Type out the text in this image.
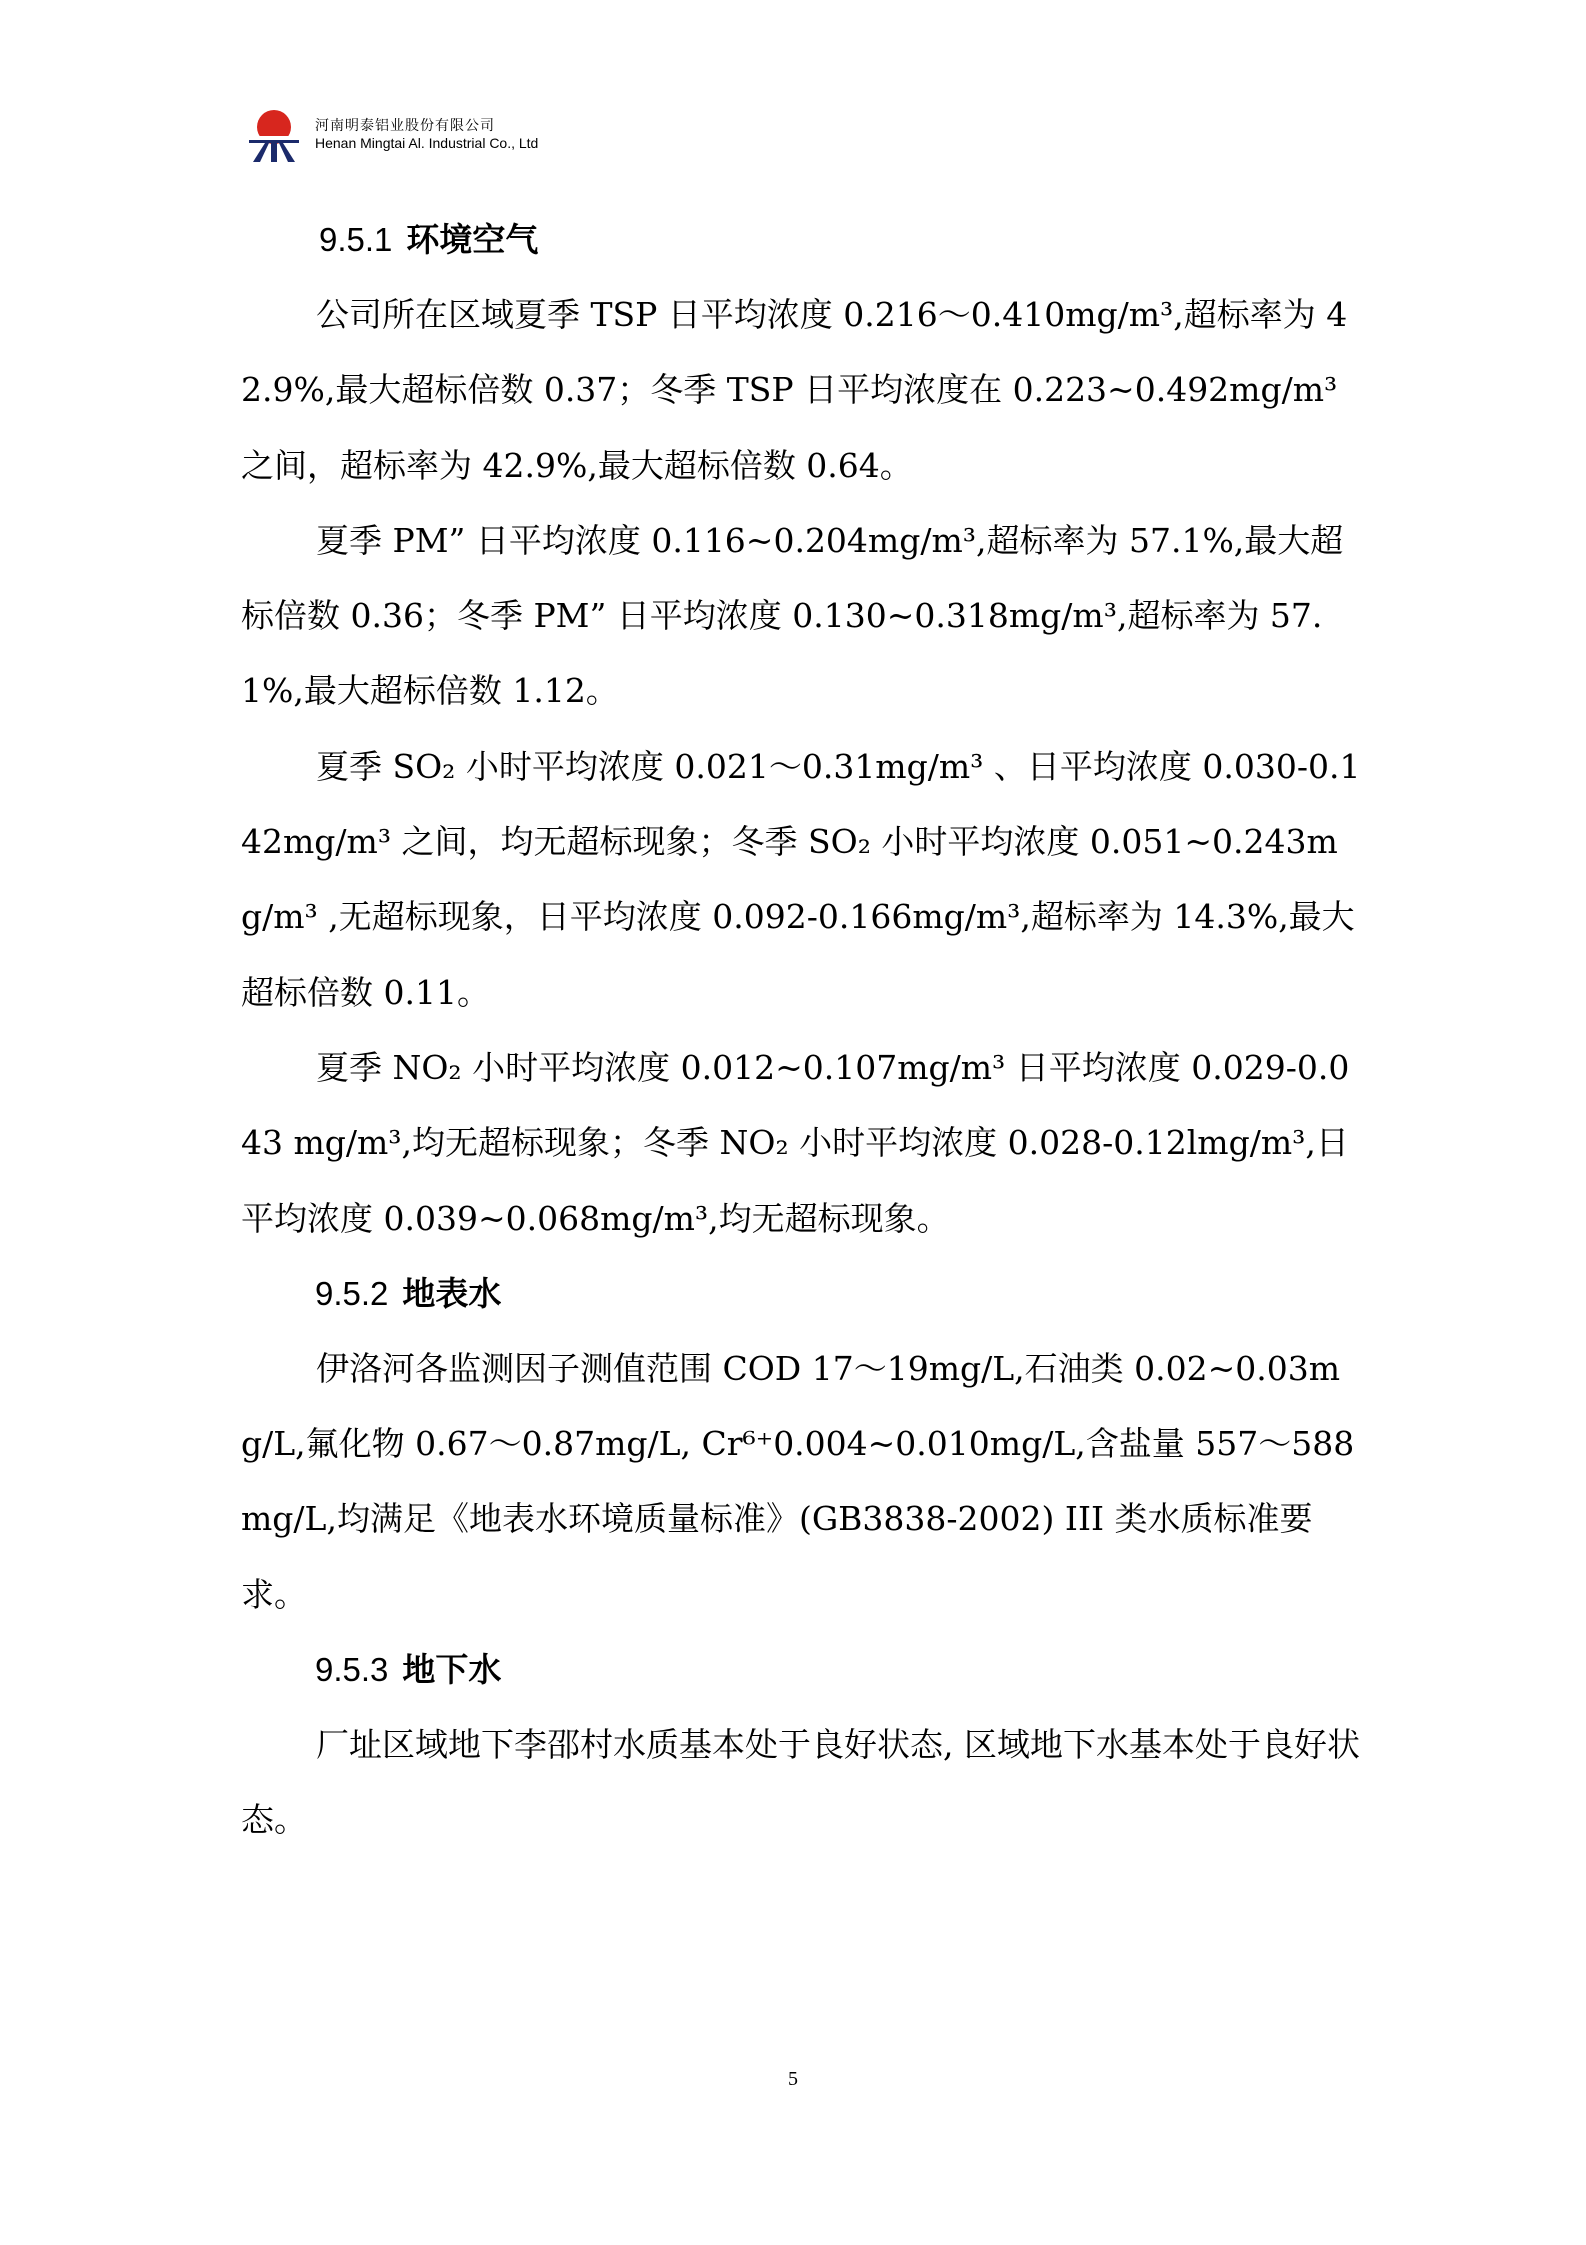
河南明泰铝业股份有限公司
Henan Mingtai Al. Industrial Co., Ltd
9.5.1 环境空气

公司所在区域夏季 TSP 日平均浓度 0.216～0.410mg/m³,超标率为 42.9%,最大超标倍数 0.37；冬季 TSP 日平均浓度在 0.223~0.492mg/m³ 之间，超标率为 42.9%,最大超标倍数 0.64。

夏季 PM” 日平均浓度 0.116~0.204mg/m³,超标率为 57.1%,最大超标倍数 0.36；冬季 PM” 日平均浓度 0.130~0.318mg/m³,超标率为 57.1%,最大超标倍数 1.12。

夏季 SO₂ 小时平均浓度 0.021～0.31mg/m³ 、日平均浓度 0.030-0.142mg/m³ 之间，均无超标现象；冬季 SO₂ 小时平均浓度 0.051~0.243mg/m³ ,无超标现象，日平均浓度 0.092-0.166mg/m³,超标率为 14.3%,最大超标倍数 0.11。

夏季 NO₂ 小时平均浓度 0.012~0.107mg/m³ 日平均浓度 0.029-0.043 mg/m³,均无超标现象；冬季 NO₂ 小时平均浓度 0.028-0.12lmg/m³,日平均浓度 0.039~0.068mg/m³,均无超标现象。

9.5.2 地表水

伊洛河各监测因子测值范围 COD 17～19mg/L,石油类 0.02~0.03mg/L,氟化物 0.67～0.87mg/L, Cr⁶⁺0.004~0.010mg/L,含盐量 557～588mg/L,均满足《地表水环境质量标准》(GB3838-2002) III 类水质标准要求。

9.5.3 地下水

厂址区域地下李邵村水质基本处于良好状态, 区域地下水基本处于良好状态。

5
